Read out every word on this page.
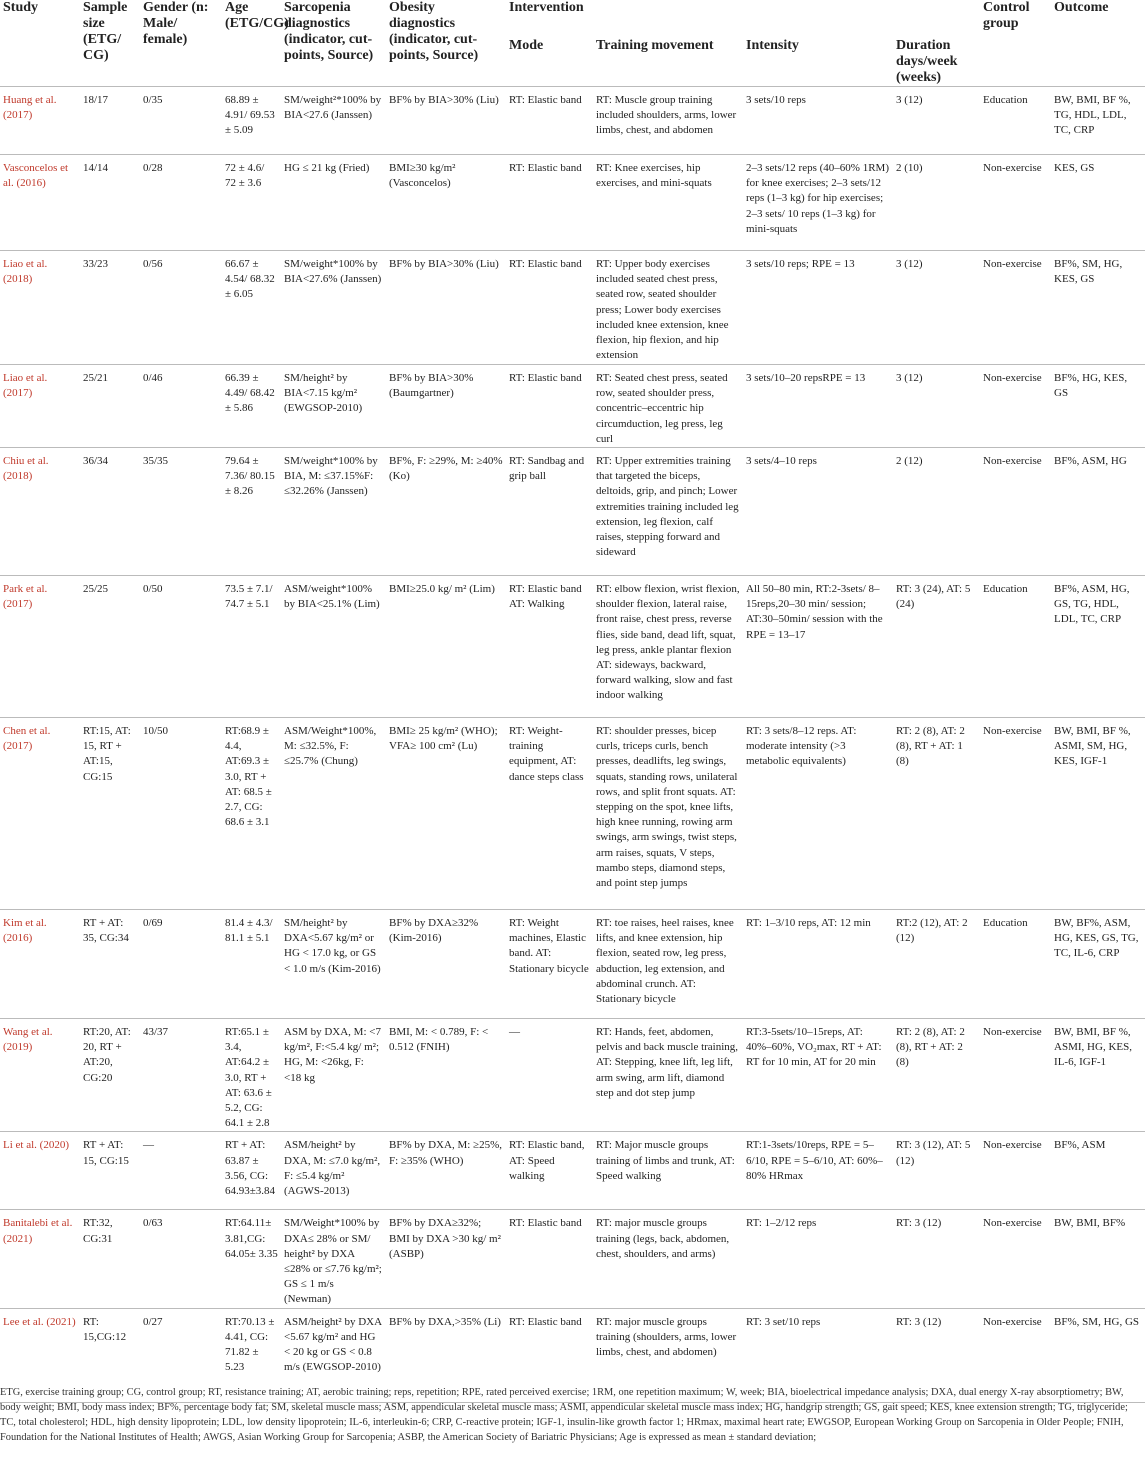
Study	Sample size (ETG/ CG)	Gender (n: Male/ female)	Age (ETG/CG)	Sarcopenia diagnostics (indicator, cut-points, Source)	Obesity diagnostics (indicator, cut-points, Source)	Intervention				Control group	Outcome
						Mode	Training movement	Intensity	Duration days/week (weeks)		
Huang et al. (2017)	18/17	0/35	68.89 ± 4.91/ 69.53 ± 5.09	SM/weight²*100% by BIA<27.6 (Janssen)	BF% by BIA>30% (Liu)	RT: Elastic band	RT: Muscle group training included shoulders, arms, lower limbs, chest, and abdomen	3 sets/10 reps	3 (12)	Education	BW, BMI, BF %, TG, HDL, LDL, TC, CRP
Vasconcelos et al. (2016)	14/14	0/28	72 ± 4.6/ 72 ± 3.6	HG ≤ 21 kg (Fried)	BMI≥30 kg/m² (Vasconcelos)	RT: Elastic band	RT: Knee exercises, hip exercises, and mini-squats	2–3 sets/12 reps (40–60% 1RM) for knee exercises; 2–3 sets/12 reps (1–3 kg) for hip exercises; 2–3 sets/ 10 reps (1–3 kg) for mini-squats	2 (10)	Non-exercise	KES, GS
Liao et al. (2018)	33/23	0/56	66.67 ± 4.54/ 68.32 ± 6.05	SM/weight*100% by BIA<27.6% (Janssen)	BF% by BIA>30% (Liu)	RT: Elastic band	RT: Upper body exercises included seated chest press, seated row, seated shoulder press; Lower body exercises included knee extension, knee flexion, hip flexion, and hip extension	3 sets/10 reps; RPE = 13	3 (12)	Non-exercise	BF%, SM, HG, KES, GS
Liao et al. (2017)	25/21	0/46	66.39 ± 4.49/ 68.42 ± 5.86	SM/height² by BIA<7.15 kg/m² (EWGSOP-2010)	BF% by BIA>30% (Baumgartner)	RT: Elastic band	RT: Seated chest press, seated row, seated shoulder press, concentric–eccentric hip circumduction, leg press, leg curl	3 sets/10–20 repsRPE = 13	3 (12)	Non-exercise	BF%, HG, KES, GS
Chiu et al. (2018)	36/34	35/35	79.64 ± 7.36/ 80.15 ± 8.26	SM/weight*100% by BIA, M: ≤37.15%F: ≤32.26% (Janssen)	BF%, F: ≥29%, M: ≥40% (Ko)	RT: Sandbag and grip ball	RT: Upper extremities training that targeted the biceps, deltoids, grip, and pinch; Lower extremities training included leg extension, leg flexion, calf raises, stepping forward and sideward	3 sets/4–10 reps	2 (12)	Non-exercise	BF%, ASM, HG
Park et al. (2017)	25/25	0/50	73.5 ± 7.1/ 74.7 ± 5.1	ASM/weight*100% by BIA<25.1% (Lim)	BMI≥25.0 kg/ m² (Lim)	RT: Elastic band AT: Walking	RT: elbow flexion, wrist flexion, shoulder flexion, lateral raise, front raise, chest press, reverse flies, side band, dead lift, squat, leg press, ankle plantar flexion AT: sideways, backward, forward walking, slow and fast indoor walking	All 50–80 min, RT:2-3sets/ 8–15reps,20–30 min/ session; AT:30–50min/ session with the RPE = 13–17	RT: 3 (24), AT: 5 (24)	Education	BF%, ASM, HG, GS, TG, HDL, LDL, TC, CRP
Chen et al. (2017)	RT:15, AT: 15, RT + AT:15, CG:15	10/50	RT:68.9 ± 4.4, AT:69.3 ± 3.0, RT + AT: 68.5 ± 2.7, CG: 68.6 ± 3.1	ASM/Weight*100%, M: ≤32.5%, F: ≤25.7% (Chung)	BMI≥ 25 kg/m² (WHO); VFA≥ 100 cm² (Lu)	RT: Weight-training equipment, AT: dance steps class	RT: shoulder presses, bicep curls, triceps curls, bench presses, deadlifts, leg swings, squats, standing rows, unilateral rows, and split front squats. AT: stepping on the spot, knee lifts, high knee running, rowing arm swings, arm swings, twist steps, arm raises, squats, V steps, mambo steps, diamond steps, and point step jumps	RT: 3 sets/8–12 reps. AT: moderate intensity (>3 metabolic equivalents)	RT: 2 (8), AT: 2 (8), RT + AT: 1 (8)	Non-exercise	BW, BMI, BF %, ASMI, SM, HG, KES, IGF-1
Kim et al. (2016)	RT + AT: 35, CG:34	0/69	81.4 ± 4.3/ 81.1 ± 5.1	SM/height² by DXA<5.67 kg/m² or HG < 17.0 kg, or GS < 1.0 m/s (Kim-2016)	BF% by DXA≥32% (Kim-2016)	RT: Weight machines, Elastic band. AT: Stationary bicycle	RT: toe raises, heel raises, knee lifts, and knee extension, hip flexion, seated row, leg press, abduction, leg extension, and abdominal crunch. AT: Stationary bicycle	RT: 1–3/10 reps, AT: 12 min	RT:2 (12), AT: 2 (12)	Education	BW, BF%, ASM, HG, KES, GS, TG, TC, IL-6, CRP
Wang et al. (2019)	RT:20, AT: 20, RT + AT:20, CG:20	43/37	RT:65.1 ± 3.4, AT:64.2 ± 3.0, RT + AT: 63.6 ± 5.2, CG: 64.1 ± 2.8	ASM by DXA, M: <7 kg/m², F:<5.4 kg/ m²; HG, M: <26kg, F: <18 kg	BMI, M: < 0.789, F: < 0.512 (FNIH)	—	RT: Hands, feet, abdomen, pelvis and back muscle training, AT: Stepping, knee lift, leg lift, arm swing, arm lift, diamond step and dot step jump	RT:3-5sets/10–15reps, AT: 40%–60%, VO₂max, RT + AT: RT for 10 min, AT for 20 min	RT: 2 (8), AT: 2 (8), RT + AT: 2 (8)	Non-exercise	BW, BMI, BF %, ASMI, HG, KES, IL-6, IGF-1
Li et al. (2020)	RT + AT: 15, CG:15	—	RT + AT: 63.87 ± 3.56, CG: 64.93±3.84	ASM/height² by DXA, M: ≤7.0 kg/m², F: ≤5.4 kg/m² (AGWS-2013)	BF% by DXA, M: ≥25%, F: ≥35% (WHO)	RT: Elastic band, AT: Speed walking	RT: Major muscle groups training of limbs and trunk, AT: Speed walking	RT:1-3sets/10reps, RPE = 5–6/10, RPE = 5–6/10, AT: 60%–80% HRmax	RT: 3 (12), AT: 5 (12)	Non-exercise	BF%, ASM
Banitalebi et al. (2021)	RT:32, CG:31	0/63	RT:64.11± 3.81,CG: 64.05± 3.35	SM/Weight*100% by DXA≤ 28% or SM/ height² by DXA ≤28% or ≤7.76 kg/m²; GS ≤ 1 m/s (Newman)	BF% by DXA≥32%; BMI by DXA >30 kg/ m² (ASBP)	RT: Elastic band	RT: major muscle groups training (legs, back, abdomen, chest, shoulders, and arms)	RT: 1–2/12 reps	RT: 3 (12)	Non-exercise	BW, BMI, BF%
Lee et al. (2021)	RT: 15,CG:12	0/27	RT:70.13 ± 4.41, CG: 71.82 ± 5.23	ASM/height² by DXA <5.67 kg/m² and HG < 20 kg or GS < 0.8 m/s (EWGSOP-2010)	BF% by DXA,>35% (Li)	RT: Elastic band	RT: major muscle groups training (shoulders, arms, lower limbs, chest, and abdomen)	RT: 3 set/10 reps	RT: 3 (12)	Non-exercise	BF%, SM, HG, GS
ETG, exercise training group; CG, control group; RT, resistance training; AT, aerobic training; reps, repetition; RPE, rated perceived exercise; 1RM, one repetition maximum; W, week; BIA, bioelectrical impedance analysis; DXA, dual energy X-ray absorptiometry; BW, body weight; BMI, body mass index; BF%, percentage body fat; SM, skeletal muscle mass; ASM, appendicular skeletal muscle mass; ASMI, appendicular skeletal muscle mass index; HG, handgrip strength; GS, gait speed; KES, knee extension strength; TG, triglyceride; TC, total cholesterol; HDL, high density lipoprotein; LDL, low density lipoprotein; IL-6, interleukin-6; CRP, C-reactive protein; IGF-1, insulin-like growth factor 1; HRmax, maximal heart rate; EWGSOP, European Working Group on Sarcopenia in Older People; FNIH, Foundation for the National Institutes of Health; AWGS, Asian Working Group for Sarcopenia; ASBP, the American Society of Bariatric Physicians; Age is expressed as mean ± standard deviation;
